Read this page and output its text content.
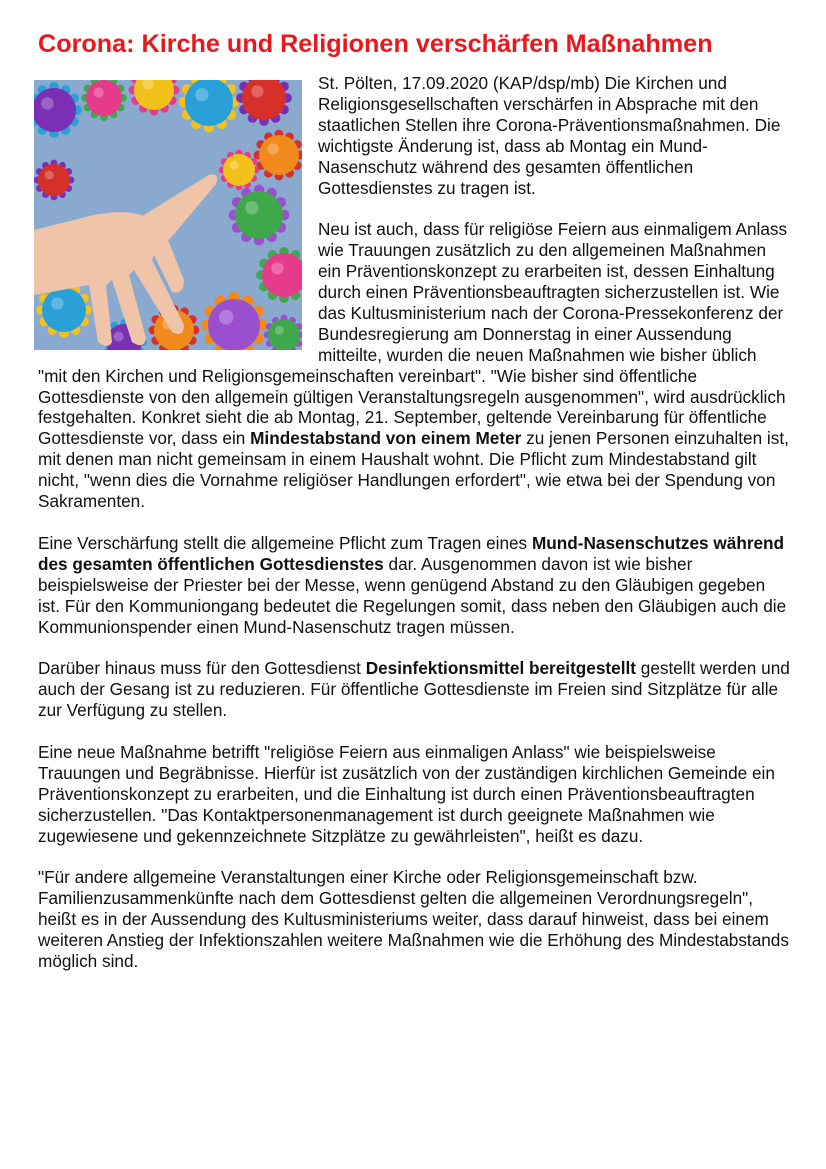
Corona: Kirche und Religionen verschärfen Maßnahmen

St. Pölten, 17.09.2020 (KAP/dsp/mb) Die Kirchen und Religionsgesellschaften verschärfen in Absprache mit den staatlichen Stellen ihre Corona-Präventionsmaßnahmen. Die wichtigste Änderung ist, dass ab Montag ein Mund-Nasenschutz während des gesamten öffentlichen Gottesdienstes zu tragen ist.

Neu ist auch, dass für religiöse Feiern aus einmaligem Anlass wie Trauungen zusätzlich zu den allgemeinen Maßnahmen ein Präventionskonzept zu erarbeiten ist, dessen Einhaltung durch einen Präventionsbeauftragten sicherzustellen ist. Wie das Kultusministerium nach der Corona-Pressekonferenz der Bundesregierung am Donnerstag in einer Aussendung mitteilte, wurden die neuen Maßnahmen wie bisher üblich "mit den Kirchen und Religionsgemeinschaften vereinbart". "Wie bisher sind öffentliche Gottesdienste von den allgemein gültigen Veranstaltungsregeln ausgenommen", wird ausdrücklich festgehalten. Konkret sieht die ab Montag, 21. September, geltende Vereinbarung für öffentliche Gottesdienste vor, dass ein Mindestabstand von einem Meter zu jenen Personen einzuhalten ist, mit denen man nicht gemeinsam in einem Haushalt wohnt. Die Pflicht zum Mindestabstand gilt nicht, "wenn dies die Vornahme religiöser Handlungen erfordert", wie etwa bei der Spendung von Sakramenten.

Eine Verschärfung stellt die allgemeine Pflicht zum Tragen eines Mund-Nasenschutzes während des gesamten öffentlichen Gottesdienstes dar. Ausgenommen davon ist wie bisher beispielsweise der Priester bei der Messe, wenn genügend Abstand zu den Gläubigen gegeben ist. Für den Kommuniongang bedeutet die Regelungen somit, dass neben den Gläubigen auch die Kommunionspender einen Mund-Nasenschutz tragen müssen.

Darüber hinaus muss für den Gottesdienst Desinfektionsmittel bereitgestellt gestellt werden und auch der Gesang ist zu reduzieren. Für öffentliche Gottesdienste im Freien sind Sitzplätze für alle zur Verfügung zu stellen.

Eine neue Maßnahme betrifft "religiöse Feiern aus einmaligen Anlass" wie beispielsweise Trauungen und Begräbnisse. Hierfür ist zusätzlich von der zuständigen kirchlichen Gemeinde ein Präventionskonzept zu erarbeiten, und die Einhaltung ist durch einen Präventionsbeauftragten sicherzustellen. "Das Kontaktpersonenmanagement ist durch geeignete Maßnahmen wie zugewiesene und gekennzeichnete Sitzplätze zu gewährleisten", heißt es dazu.

"Für andere allgemeine Veranstaltungen einer Kirche oder Religionsgemeinschaft bzw. Familienzusammenkünfte nach dem Gottesdienst gelten die allgemeinen Verordnungsregeln", heißt es in der Aussendung des Kultusministeriums weiter, dass darauf hinweist, dass bei einem weiteren Anstieg der Infektionszahlen weitere Maßnahmen wie die Erhöhung des Mindestabstands möglich sind.
